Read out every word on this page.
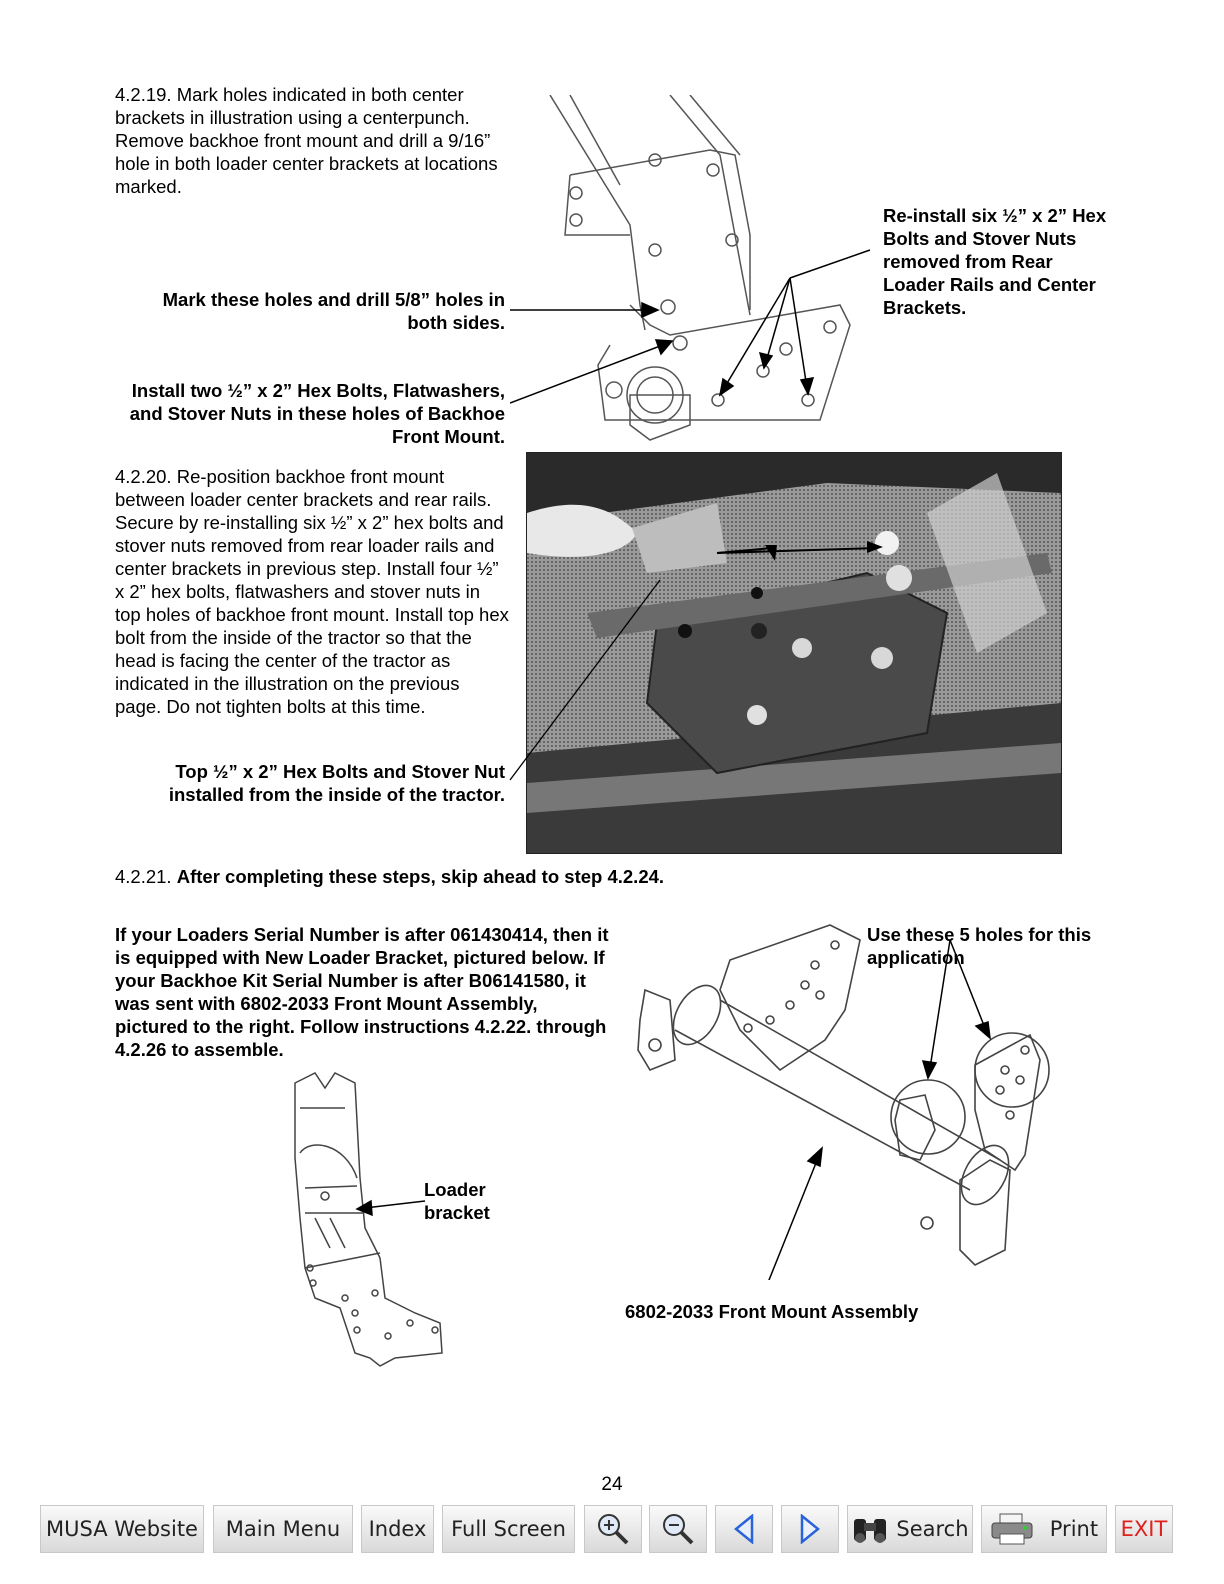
4.2.19. Mark holes indicated in both center brackets in illustration using a centerpunch. Remove backhoe front mount and drill a 9/16” hole in both loader center brackets at locations marked.
Mark these holes and drill 5/8” holes in both sides.
Install two ½” x 2” Hex Bolts, Flatwashers, and Stover Nuts in these holes of Backhoe Front Mount.
Re-install six ½” x 2” Hex Bolts and Stover Nuts removed from Rear Loader Rails and Center Brackets.
4.2.20. Re-position backhoe front mount between loader center brackets and rear rails. Secure by re-installing six ½” x 2” hex bolts and stover nuts removed from rear loader rails and center brackets in previous step. Install four ½” x 2” hex bolts, flatwashers and stover nuts in top holes of backhoe front mount. Install top hex bolt from the inside of the tractor so that the head is facing the center of the tractor as indicated in the illustration on the previous page. Do not tighten bolts at this time.
Top ½” x 2” Hex Bolts and Stover Nut installed from the inside of the tractor.
4.2.21. After completing these steps, skip ahead to step 4.2.24.
If your Loaders Serial Number is after 061430414, then it is equipped with New Loader Bracket, pictured below. If your Backhoe Kit Serial Number is after B06141580, it was sent with 6802-2033 Front Mount Assembly, pictured to the right. Follow instructions 4.2.22. through 4.2.26 to assemble.
Loader
bracket
Use these 5 holes for this application
6802-2033 Front Mount Assembly
24
MUSA Website	Main Menu	Index	Full Screen	Search	Print EXIT
